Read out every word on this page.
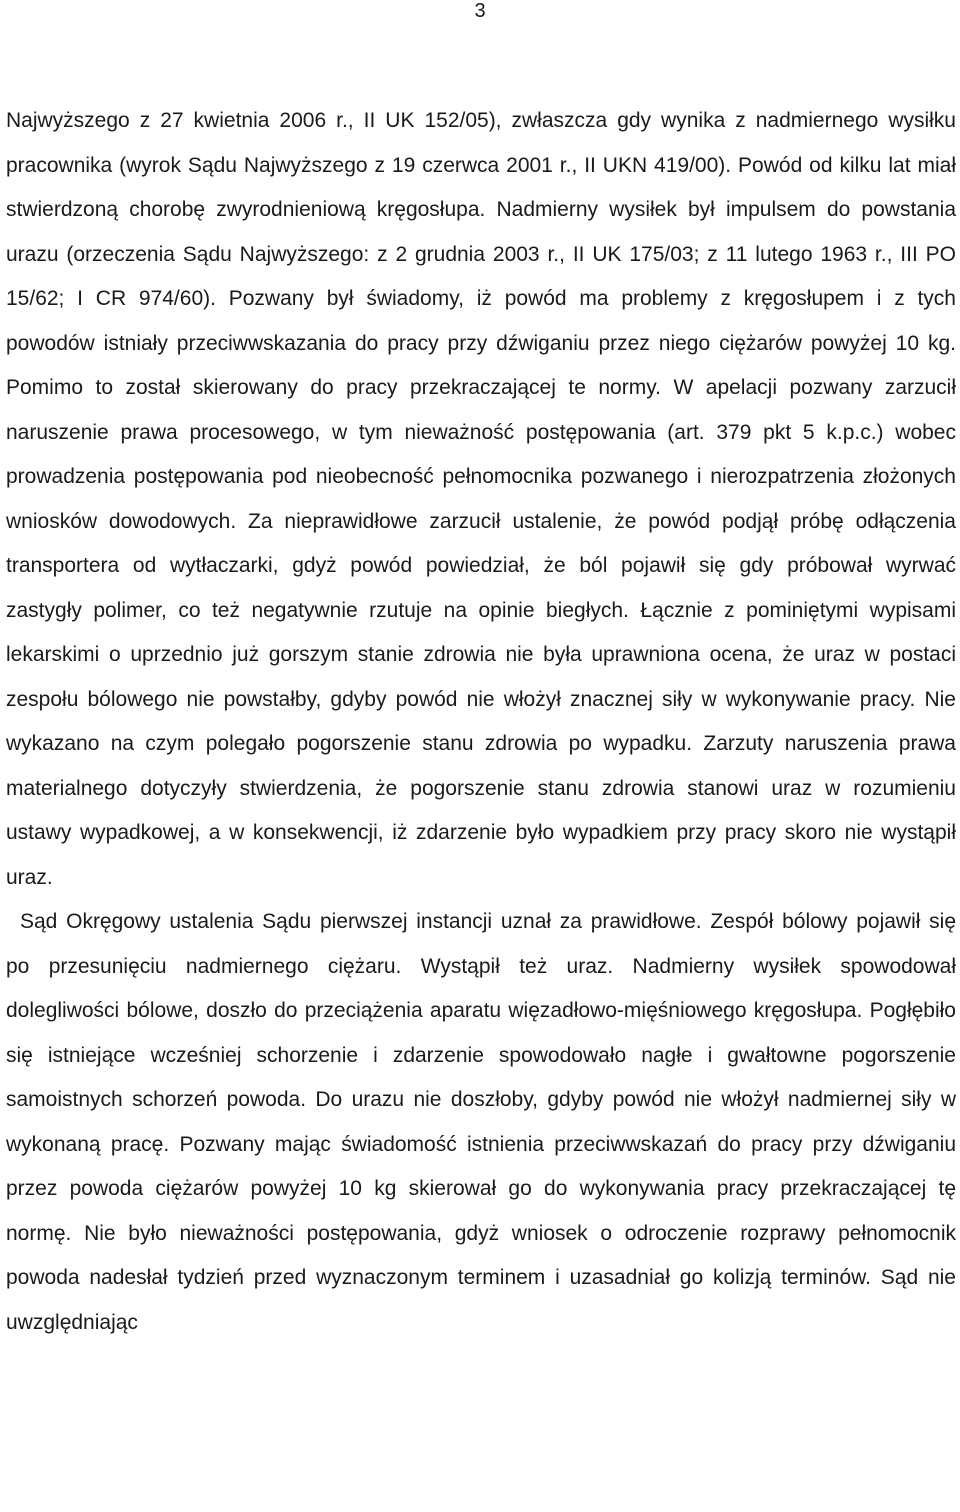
3

Najwyższego z 27 kwietnia 2006 r., II UK 152/05), zwłaszcza gdy wynika z nadmiernego wysiłku pracownika (wyrok Sądu Najwyższego z 19 czerwca 2001 r., II UKN 419/00). Powód od kilku lat miał stwierdzoną chorobę zwyrodnieniową kręgosłupa. Nadmierny wysiłek był impulsem do powstania urazu (orzeczenia Sądu Najwyższego: z 2 grudnia 2003 r., II UK 175/03; z 11 lutego 1963 r., III PO 15/62; I CR 974/60). Pozwany był świadomy, iż powód ma problemy z kręgosłupem i z tych powodów istniały przeciwwskazania do pracy przy dźwiganiu przez niego ciężarów powyżej 10 kg. Pomimo to został skierowany do pracy przekraczającej te normy. W apelacji pozwany zarzucił naruszenie prawa procesowego, w tym nieważność postępowania (art. 379 pkt 5 k.p.c.) wobec prowadzenia postępowania pod nieobecność pełnomocnika pozwanego i nierozpatrzenia złożonych wniosków dowodowych. Za nieprawidłowe zarzucił ustalenie, że powód podjął próbę odłączenia transportera od wytłaczarki, gdyż powód powiedział, że ból pojawił się gdy próbował wyrwać zastygły polimer, co też negatywnie rzutuje na opinie biegłych. Łącznie z pominiętymi wypisami lekarskimi o uprzednio już gorszym stanie zdrowia nie była uprawniona ocena, że uraz w postaci zespołu bólowego nie powstałby, gdyby powód nie włożył znacznej siły w wykonywanie pracy. Nie wykazano na czym polegało pogorszenie stanu zdrowia po wypadku. Zarzuty naruszenia prawa materialnego dotyczyły stwierdzenia, że pogorszenie stanu zdrowia stanowi uraz w rozumieniu ustawy wypadkowej, a w konsekwencji, iż zdarzenie było wypadkiem przy pracy skoro nie wystąpił uraz.

Sąd Okręgowy ustalenia Sądu pierwszej instancji uznał za prawidłowe. Zespół bólowy pojawił się po przesunięciu nadmiernego ciężaru. Wystąpił też uraz. Nadmierny wysiłek spowodował dolegliwości bólowe, doszło do przeciążenia aparatu więzadłowo-mięśniowego kręgosłupa. Pogłębiło się istniejące wcześniej schorzenie i zdarzenie spowodowało nagłe i gwałtowne pogorszenie samoistnych schorzeń powoda. Do urazu nie doszłoby, gdyby powód nie włożył nadmiernej siły w wykonaną pracę. Pozwany mając świadomość istnienia przeciwwskazań do pracy przy dźwiganiu przez powoda ciężarów powyżej 10 kg skierował go do wykonywania pracy przekraczającej tę normę. Nie było nieważności postępowania, gdyż wniosek o odroczenie rozprawy pełnomocnik powoda nadesłał tydzień przed wyznaczonym terminem i uzasadniał go kolizją terminów. Sąd nie uwzględniając
